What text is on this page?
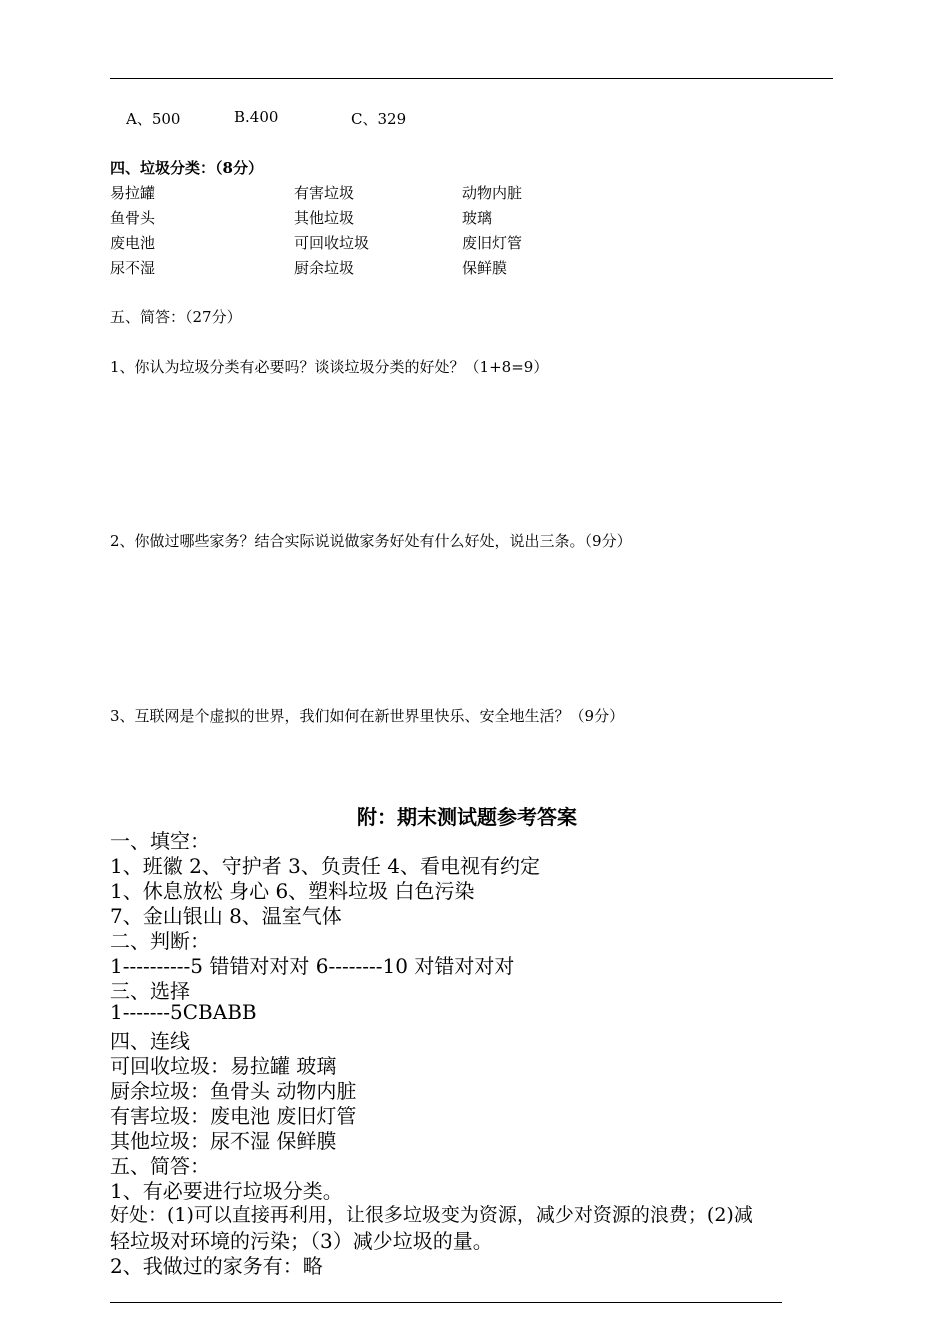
A、500	B.400	C、329
四、垃圾分类：（8分）
易拉罐	有害垃圾	动物内脏
鱼骨头	其他垃圾	玻璃
废电池	可回收垃圾	废旧灯管
尿不湿	厨余垃圾	保鲜膜
五、简答：（27分）
1、你认为垃圾分类有必要吗？谈谈垃圾分类的好处？（1+8=9）
2、你做过哪些家务？结合实际说说做家务好处有什么好处，说出三条。（9分）
3、互联网是个虚拟的世界，我们如何在新世界里快乐、安全地生活？（9分）
附：期末测试题参考答案
一、填空：
1、班徽 2、守护者 3、负责任 4、看电视有约定
1、休息放松 身心 6、塑料垃圾 白色污染
7、金山银山 8、温室气体
二、判断：
1----------5 错错对对对 6--------10 对错对对对
三、选择
1-------5CBABB
四、连线
可回收垃圾：易拉罐 玻璃
厨余垃圾：鱼骨头 动物内脏
有害垃圾：废电池 废旧灯管
其他垃圾：尿不湿 保鲜膜
五、简答：
1、有必要进行垃圾分类。
好处：(1)可以直接再利用，让很多垃圾变为资源，减少对资源的浪费；(2)减
轻垃圾对环境的污染；（3）减少垃圾的量。
2、我做过的家务有：略
